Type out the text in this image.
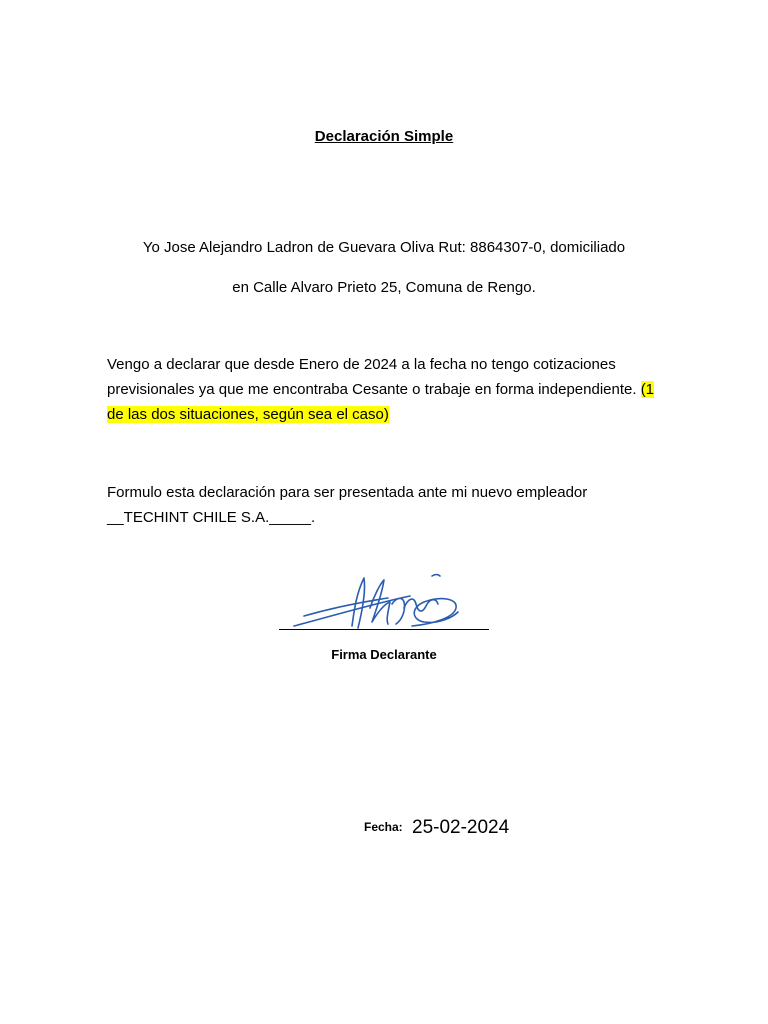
Declaración Simple
Yo Jose Alejandro Ladron de Guevara Oliva Rut: 8864307-0, domiciliado
en Calle Alvaro Prieto 25, Comuna de Rengo.
Vengo a declarar que desde Enero de 2024 a la fecha no tengo cotizaciones previsionales ya que me encontraba Cesante o trabaje en forma independiente. (1 de las dos situaciones, según sea el caso)
Formulo esta declaración para ser presentada ante mi nuevo empleador
__TECHINT CHILE S.A._____.
Firma Declarante
Fecha: 25-02-2024
